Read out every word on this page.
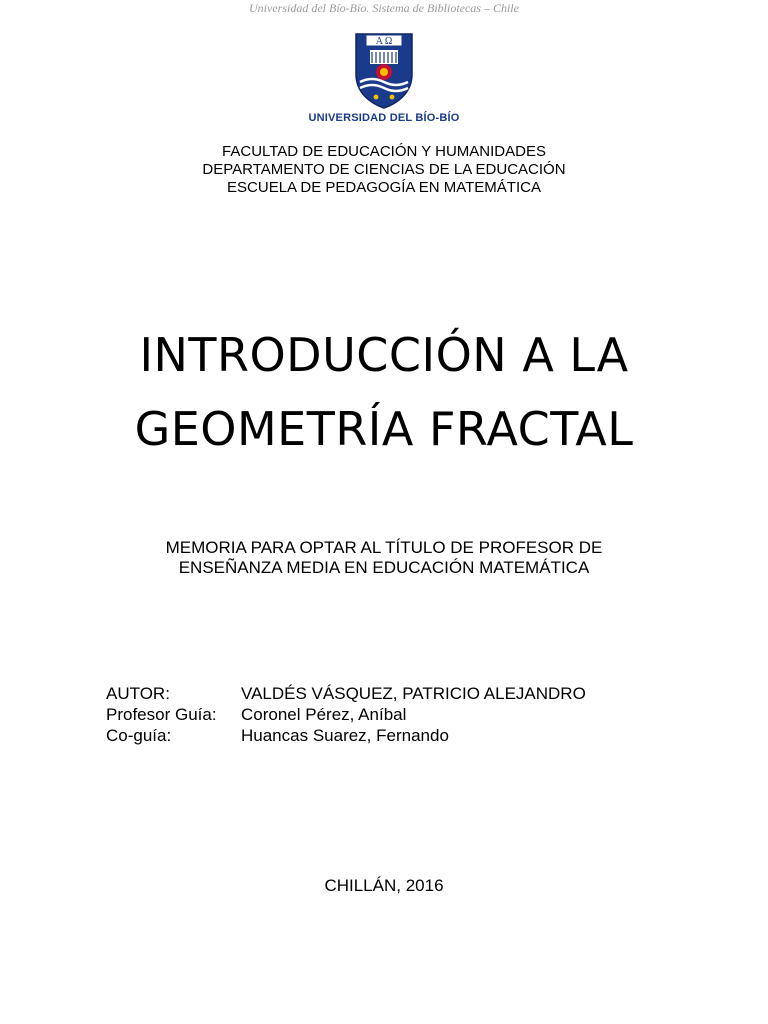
Universidad del Bío-Bío. Sistema de Bibliotecas – Chile
A Ω
UNIVERSIDAD DEL BÍO-BÍO
FACULTAD DE EDUCACIÓN Y HUMANIDADES
DEPARTAMENTO DE CIENCIAS DE LA EDUCACIÓN
ESCUELA DE PEDAGOGÍA EN MATEMÁTICA
INTRODUCCIÓN A LA
GEOMETRÍA FRACTAL
MEMORIA PARA OPTAR AL TÍTULO DE PROFESOR DE
ENSEÑANZA MEDIA EN EDUCACIÓN MATEMÁTICA
AUTOR:	VALDÉS VÁSQUEZ, PATRICIO ALEJANDRO
Profesor Guía:	Coronel Pérez, Aníbal
Co-guía:	Huancas Suarez, Fernando
CHILLÁN, 2016
